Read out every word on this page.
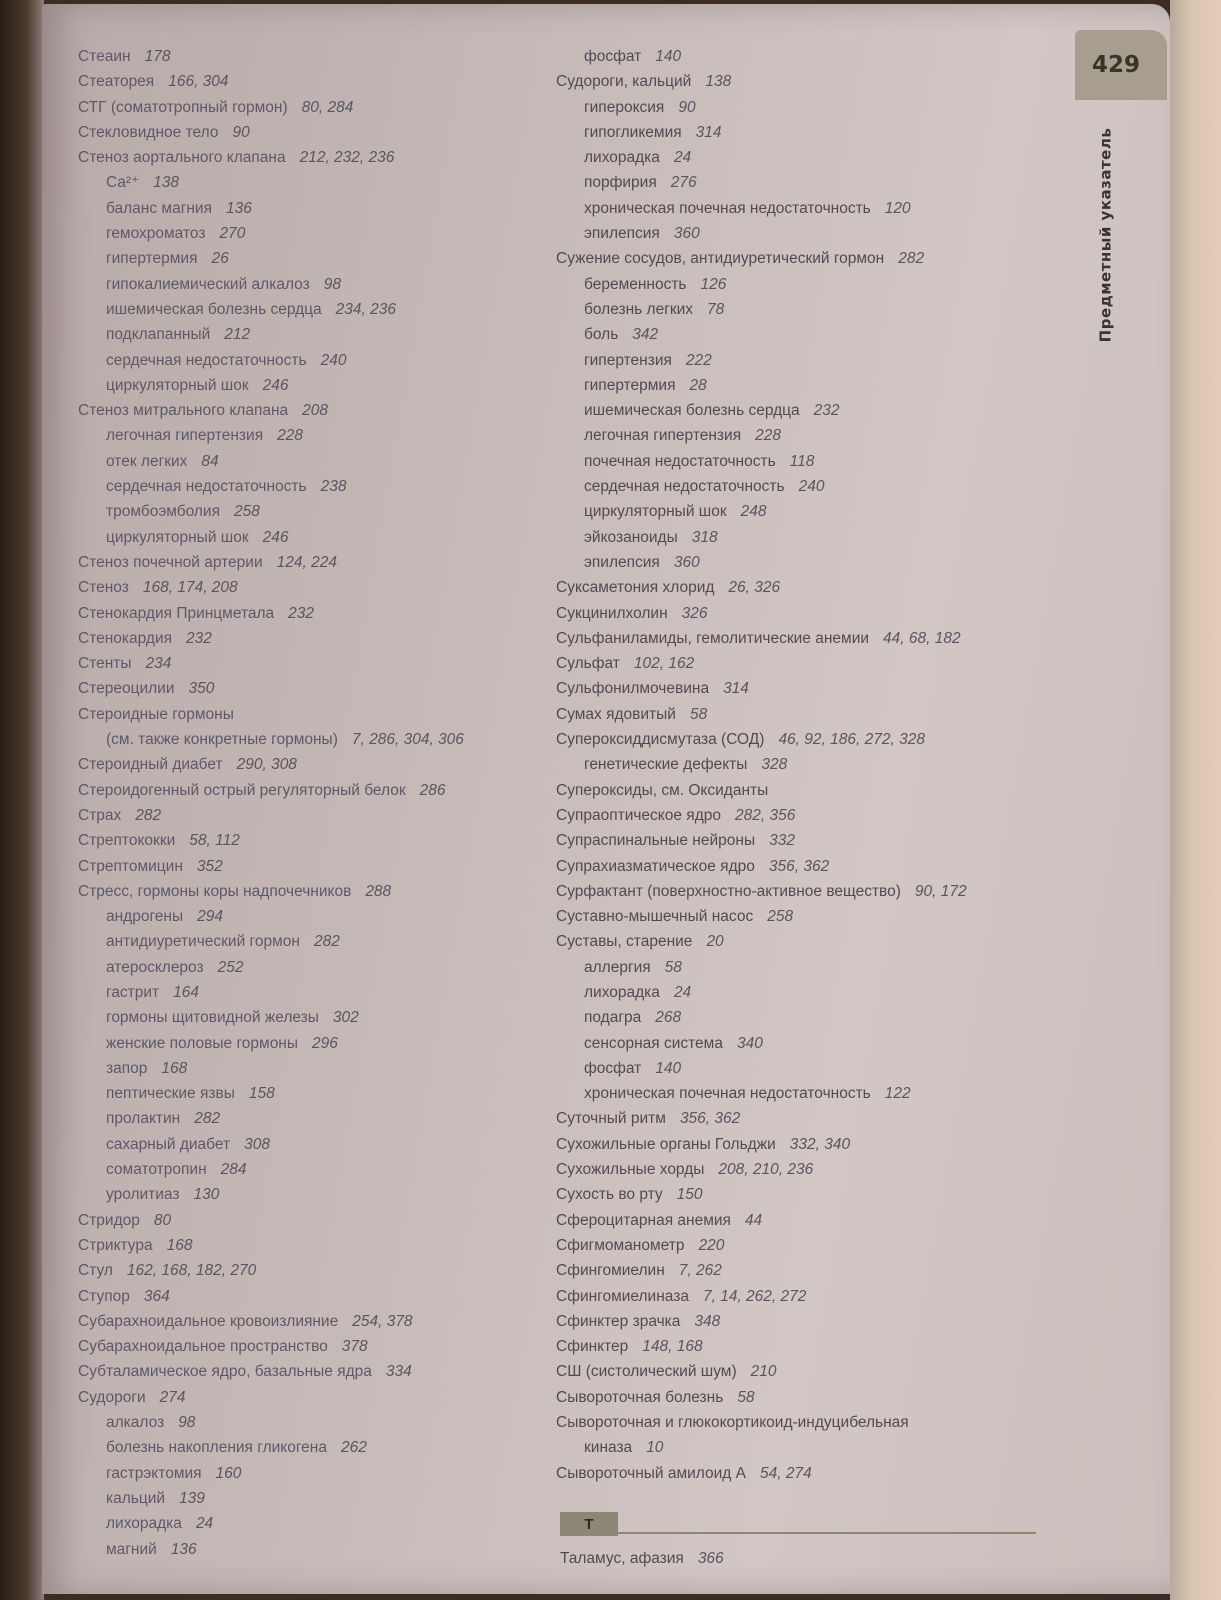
429
Предметный указатель
Стеаин 178
Стеаторея 166, 304
СТГ (соматотропный гормон) 80, 284
Стекловидное тело 90
Стеноз аортального клапана 212, 232, 236
Ca²⁺ 138
баланс магния 136
гемохроматоз 270
гипертермия 26
гипокалиемический алкалоз 98
ишемическая болезнь сердца 234, 236
подклапанный 212
сердечная недостаточность 240
циркуляторный шок 246
Стеноз митрального клапана 208
легочная гипертензия 228
отек легких 84
сердечная недостаточность 238
тромбоэмболия 258
циркуляторный шок 246
Стеноз почечной артерии 124, 224
Стеноз 168, 174, 208
Стенокардия Принцметала 232
Стенокардия 232
Стенты 234
Стереоцилии 350
Стероидные гормоны
(см. также конкретные гормоны) 7, 286, 304, 306
Стероидный диабет 290, 308
Стероидогенный острый регуляторный белок 286
Страх 282
Стрептококки 58, 112
Стрептомицин 352
Стресс, гормоны коры надпочечников 288
андрогены 294
антидиуретический гормон 282
атеросклероз 252
гастрит 164
гормоны щитовидной железы 302
женские половые гормоны 296
запор 168
пептические язвы 158
пролактин 282
сахарный диабет 308
соматотропин 284
уролитиаз 130
Стридор 80
Стриктура 168
Стул 162, 168, 182, 270
Ступор 364
Субарахноидальное кровоизлияние 254, 378
Субарахноидальное пространство 378
Субталамическое ядро, базальные ядра 334
Судороги 274
алкалоз 98
болезнь накопления гликогена 262
гастрэктомия 160
кальций 139
лихорадка 24
магний 136
фосфат 140
Судороги, кальций 138
гипероксия 90
гипогликемия 314
лихорадка 24
порфирия 276
хроническая почечная недостаточность 120
эпилепсия 360
Сужение сосудов, антидиуретический гормон 282
беременность 126
болезнь легких 78
боль 342
гипертензия 222
гипертермия 28
ишемическая болезнь сердца 232
легочная гипертензия 228
почечная недостаточность 118
сердечная недостаточность 240
циркуляторный шок 248
эйкозаноиды 318
эпилепсия 360
Суксаметония хлорид 26, 326
Сукцинилхолин 326
Сульфаниламиды, гемолитические анемии 44, 68, 182
Сульфат 102, 162
Сульфонилмочевина 314
Сумах ядовитый 58
Супероксиддисмутаза (СОД) 46, 92, 186, 272, 328
генетические дефекты 328
Супероксиды, см. Оксиданты
Супраоптическое ядро 282, 356
Супраспинальные нейроны 332
Супрахиазматическое ядро 356, 362
Сурфактант (поверхностно-активное вещество) 90, 172
Суставно-мышечный насос 258
Суставы, старение 20
аллергия 58
лихорадка 24
подагра 268
сенсорная система 340
фосфат 140
хроническая почечная недостаточность 122
Суточный ритм 356, 362
Сухожильные органы Гольджи 332, 340
Сухожильные хорды 208, 210, 236
Сухость во рту 150
Сфероцитарная анемия 44
Сфигмоманометр 220
Сфингомиелин 7, 262
Сфингомиелиназа 7, 14, 262, 272
Сфинктер зрачка 348
Сфинктер 148, 168
СШ (систолический шум) 210
Сывороточная болезнь 58
Сывороточная и глюкокортикоид-индуцибельная
киназа 10
Сывороточный амилоид А 54, 274
Т
Таламус, афазия 366
